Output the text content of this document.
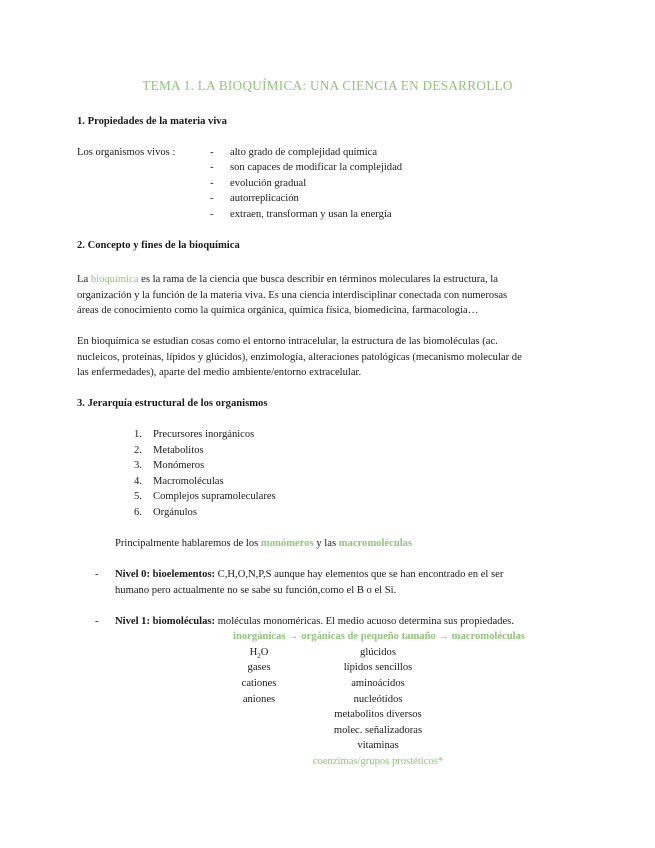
TEMA 1. LA BIOQUÍMICA: UNA CIENCIA EN DESARROLLO
1. Propiedades de la materia viva
Los organismos vivos :	- alto grado de complejidad química
- son capaces de modificar la complejidad
- evolución gradual
- autorreplicación
- extraen, transforman y usan la energía
2. Concepto y fines de la bioquímica
La bioquímica es la rama de la ciencia que busca describir en términos moleculares la estructura, la
organización y la función de la materia viva. Es una ciencia interdisciplinar conectada con numerosas
áreas de conocimiento como la química orgánica, química física, biomedicina, farmacología…
En bioquímica se estudian cosas como el entorno intracelular, la estructura de las biomoléculas (ac.
nucleicos, proteínas, lípidos y glúcidos), enzimología, alteraciones patológicas (mecanismo molecular de
las enfermedades), aparte del medio ambiente/entorno extracelular.
3. Jerarquía estructural de los organismos
1. Precursores inorgánicos
2. Metabolitos
3. Monómeros
4. Macromoléculas
5. Complejos supramoleculares
6. Orgánulos
Principalmente hablaremos de los monómeros y las macromoléculas
- Nivel 0: bioelementos: C,H,O,N,P,S aunque hay elementos que se han encontrado en el ser
humano pero actualmente no se sabe su función,como el B o el Si.
- Nivel 1: biomoléculas: moléculas monoméricas. El medio acuoso determina sus propiedades.
inorgánicas → orgánicas de pequeño tamaño → macromoléculas
$H_2O$
gases
cationes
aniones
glúcidos
lípidos sencillos
aminoácidos
nucleótidos
metabolitos diversos
molec. señalizadoras
vitaminas
coenzimas/grupos prostéticos*
